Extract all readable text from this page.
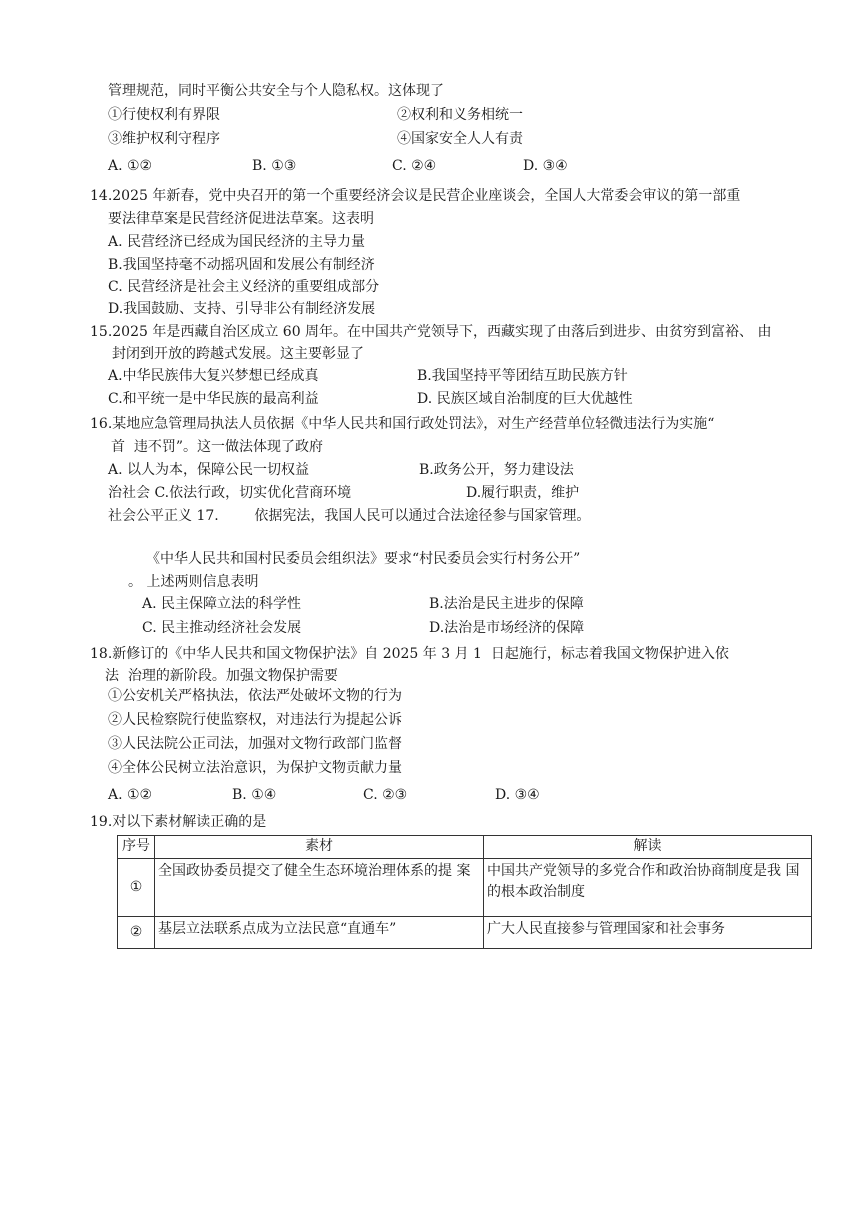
管理规范，同时平衡公共安全与个人隐私权。这体现了
①行使权利有界限	②权利和义务相统一
③维护权利守程序	④国家安全人人有责
A. ①②	B. ①③	C. ②④	D. ③④
14.2025 年新春，党中央召开的第一个重要经济会议是民营企业座谈会，全国人大常委会审议的第一部重
要法律草案是民营经济促进法草案。这表明
A. 民营经济已经成为国民经济的主导力量
B.我国坚持毫不动摇巩固和发展公有制经济
C. 民营经济是社会主义经济的重要组成部分
D.我国鼓励、支持、引导非公有制经济发展
15.2025 年是西藏自治区成立 60 周年。在中国共产党领导下，西藏实现了由落后到进步、由贫穷到富裕、 由
封闭到开放的跨越式发展。这主要彰显了
A.中华民族伟大复兴梦想已经成真	B.我国坚持平等团结互助民族方针
C.和平统一是中华民族的最高利益	D. 民族区域自治制度的巨大优越性
16.某地应急管理局执法人员依据《中华人民共和国行政处罚法》，对生产经营单位轻微违法行为实施“
首  违不罚”。这一做法体现了政府
A. 以人为本，保障公民一切权益	B.政务公开，努力建设法
治社会 C.依法行政，切实优化营商环境	D.履行职责，维护
社会公平正义 17.        依据宪法，我国人民可以通过合法途径参与国家管理。
《中华人民共和国村民委员会组织法》要求“村民委员会实行村务公开”
。 上述两则信息表明
A. 民主保障立法的科学性	B.法治是民主进步的保障
C. 民主推动经济社会发展	D.法治是市场经济的保障
18.新修订的《中华人民共和国文物保护法》自 2025 年 3 月 1  日起施行，标志着我国文物保护进入依
法  治理的新阶段。加强文物保护需要
①公安机关严格执法，依法严处破坏文物的行为
②人民检察院行使监察权，对违法行为提起公诉
③人民法院公正司法，加强对文物行政部门监督
④全体公民树立法治意识，为保护文物贡献力量
A. ①②	B. ①④	C. ②③	D. ③④
19.对以下素材解读正确的是
序号	素材	解读
①	全国政协委员提交了健全生态环境治理体系的提 案	中国共产党领导的多党合作和政治协商制度是我 国的根本政治制度
②	基层立法联系点成为立法民意“直通车”	广大人民直接参与管理国家和社会事务
